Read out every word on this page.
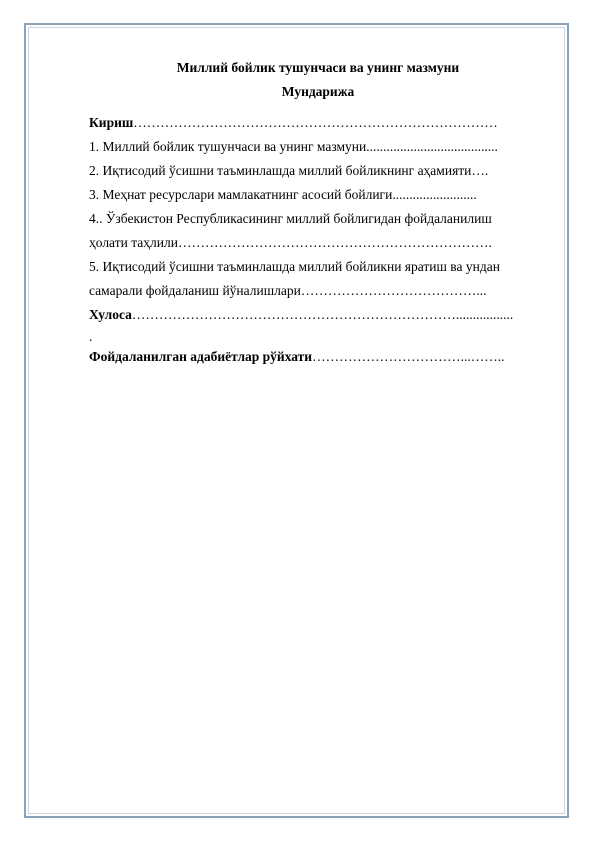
Миллий бойлик тушунчаси ва унинг мазмуни
Мундарижа
Кириш………………………………………………………………………
1. Миллий бойлик тушунчаси ва унинг мазмуни.......................................
2. Иқтисодий ўсишни таъминлашда миллий бойликнинг аҳамияти….
3. Меҳнат ресурслари мамлакатнинг асосий бойлиги.........................
4.. Ўзбекистон Республикасининг миллий бойлигидан фойдаланилиш
ҳолати таҳлили…………………………………………………………….
5. Иқтисодий ўсишни таъминлашда миллий бойликни яратиш ва ундан
самарали фойдаланиш йўналишлари…………………………………...
Хулоса……………………………………………………………….................
.
Фойдаланилган адабиётлар рўйхати……………………………...……..
